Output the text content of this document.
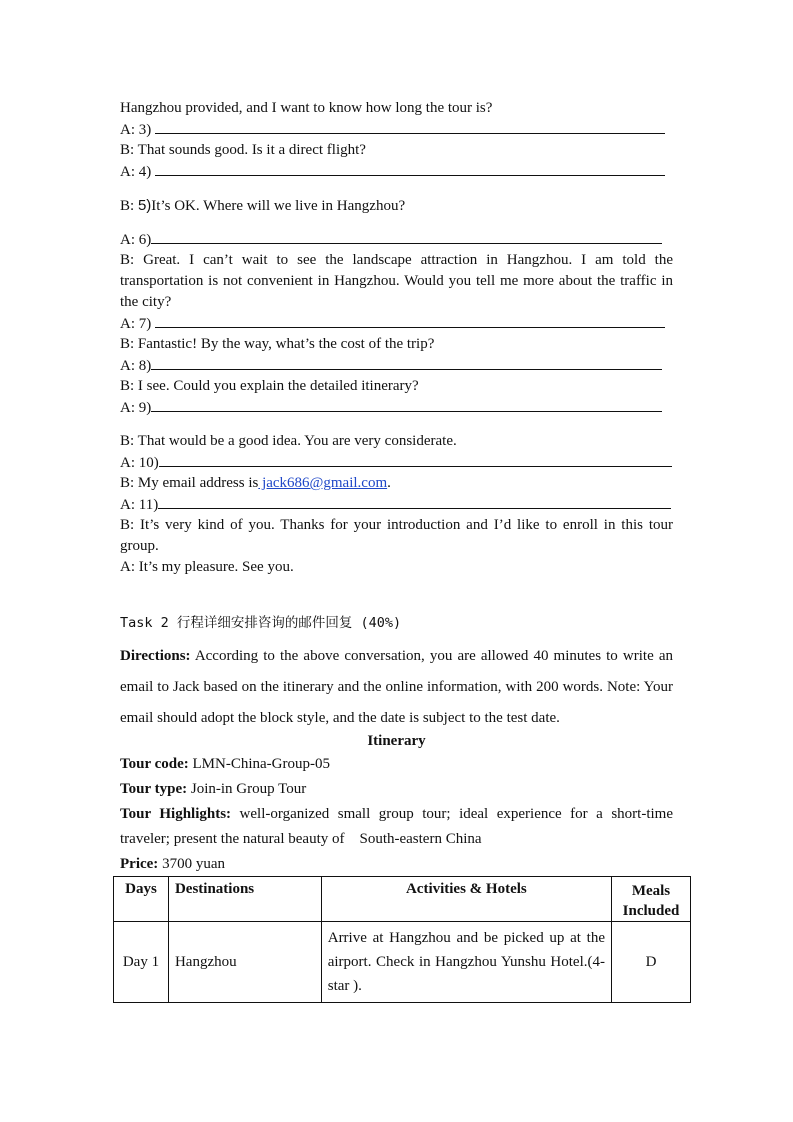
Hangzhou provided, and I want to know how long the tour is?
A: 3)
B: That sounds good. Is it a direct flight?
A: 4)
B: 5)It’s OK. Where will we live in Hangzhou?
A: 6)
B: Great. I can’t wait to see the landscape attraction in Hangzhou. I am told the transportation is not convenient in Hangzhou. Would you tell me more about the traffic in the city?
A: 7)
B: Fantastic! By the way, what’s the cost of the trip?
A: 8)
B: I see. Could you explain the detailed itinerary?
A: 9)
B: That would be a good idea. You are very considerate.
A: 10)
B: My email address is jack686@gmail.com.
A: 11)
B: It’s very kind of you. Thanks for your introduction and I’d like to enroll in this tour group.
A: It’s my pleasure. See you.
Task 2 行程详细安排咨询的邮件回复 (40%)
Directions: According to the above conversation, you are allowed 40 minutes to write an email to Jack based on the itinerary and the online information, with 200 words. Note: Your email should adopt the block style, and the date is subject to the test date.
Itinerary
Tour code: LMN-China-Group-05
Tour type: Join-in Group Tour
Tour Highlights: well-organized small group tour; ideal experience for a short-time traveler; present the natural beauty of    South-eastern China
Price: 3700 yuan
Days	Destinations	Activities & Hotels	Meals Included
Day 1	Hangzhou	Arrive at Hangzhou and be picked up at the airport. Check in Hangzhou Yunshu Hotel.(4-star ).	D
